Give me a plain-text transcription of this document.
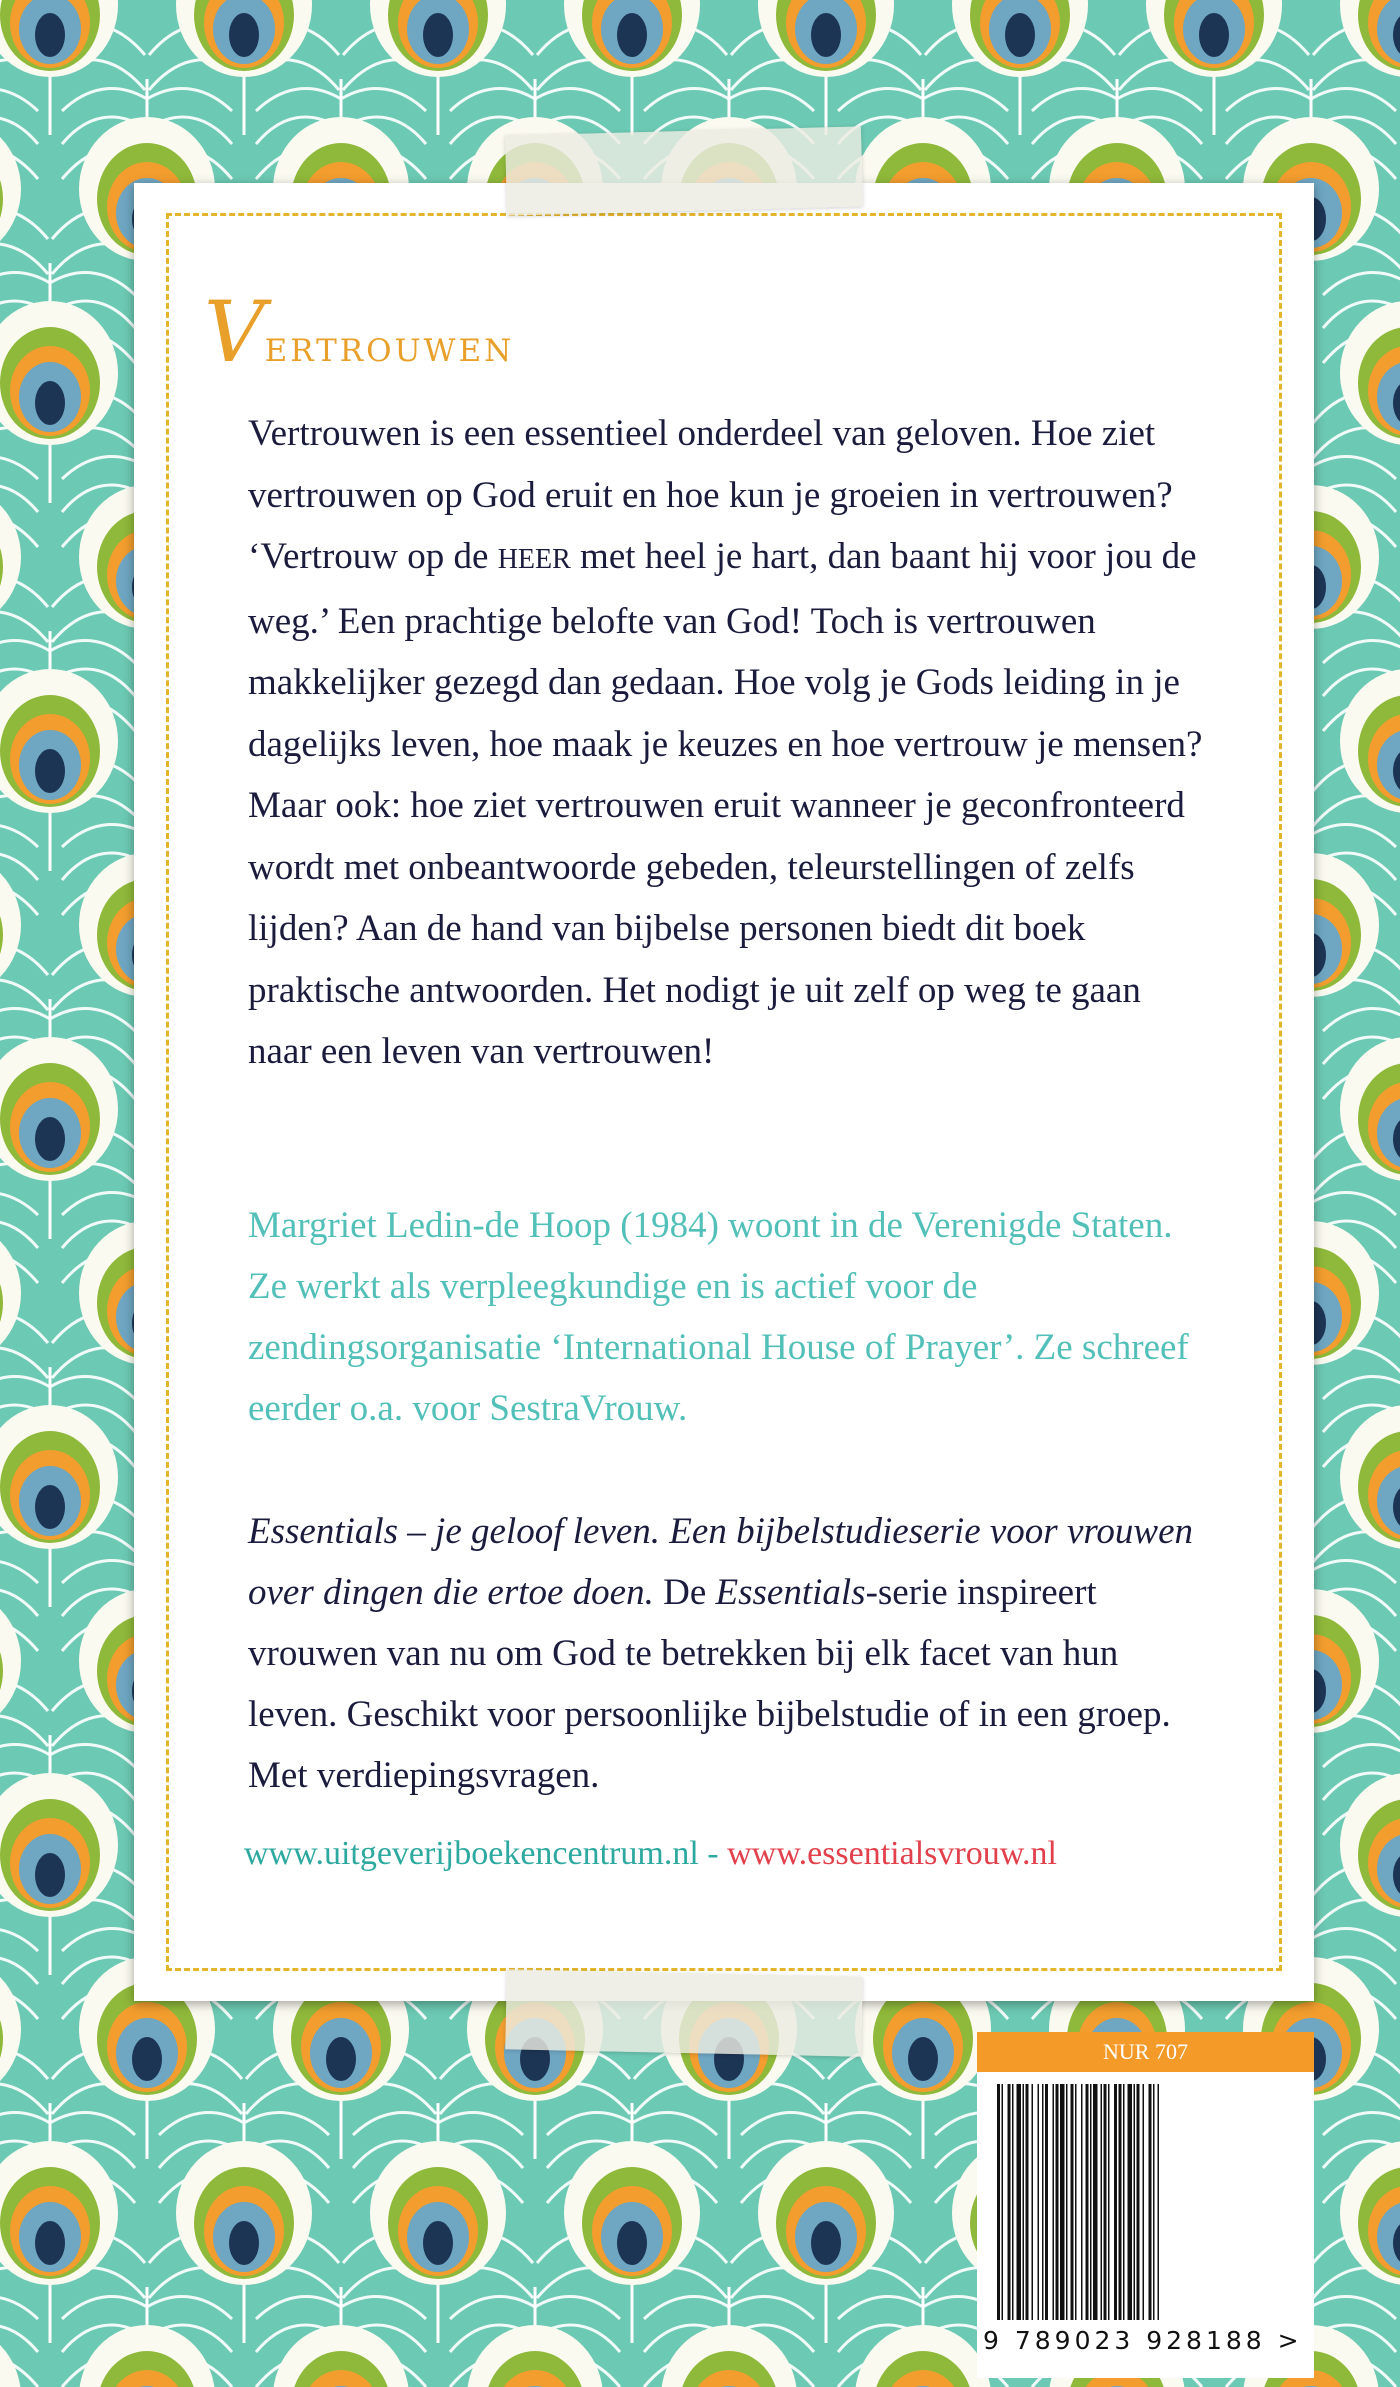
Vertrouwen
Vertrouwen is een essentieel onderdeel van geloven. Hoe ziet vertrouwen op God eruit en hoe kun je groeien in vertrouwen? ‘Vertrouw op de HEER met heel je hart, dan baant hij voor jou de weg.’ Een prachtige belofte van God! Toch is vertrouwen makkelijker gezegd dan gedaan. Hoe volg je Gods leiding in je dagelijks leven, hoe maak je keuzes en hoe vertrouw je mensen? Maar ook: hoe ziet vertrouwen eruit wanneer je geconfronteerd wordt met onbeantwoorde gebeden, teleurstellingen of zelfs lijden? Aan de hand van bijbelse personen biedt dit boek praktische antwoorden. Het nodigt je uit zelf op weg te gaan naar een leven van vertrouwen!
Margriet Ledin-de Hoop (1984) woont in de Verenigde Staten. Ze werkt als verpleegkundige en is actief voor de zendingsorganisatie ‘International House of Prayer’. Ze schreef eerder o.a. voor SestraVrouw.
Essentials – je geloof leven. Een bijbelstudieserie voor vrouwen over dingen die ertoe doen. De Essentials-serie inspireert vrouwen van nu om God te betrekken bij elk facet van hun leven. Geschikt voor persoonlijke bijbelstudie of in een groep. Met verdiepingsvragen.
www.uitgeverijboekencentrum.nl - www.essentialsvrouw.nl
NUR 707
9 789023 928188 >
